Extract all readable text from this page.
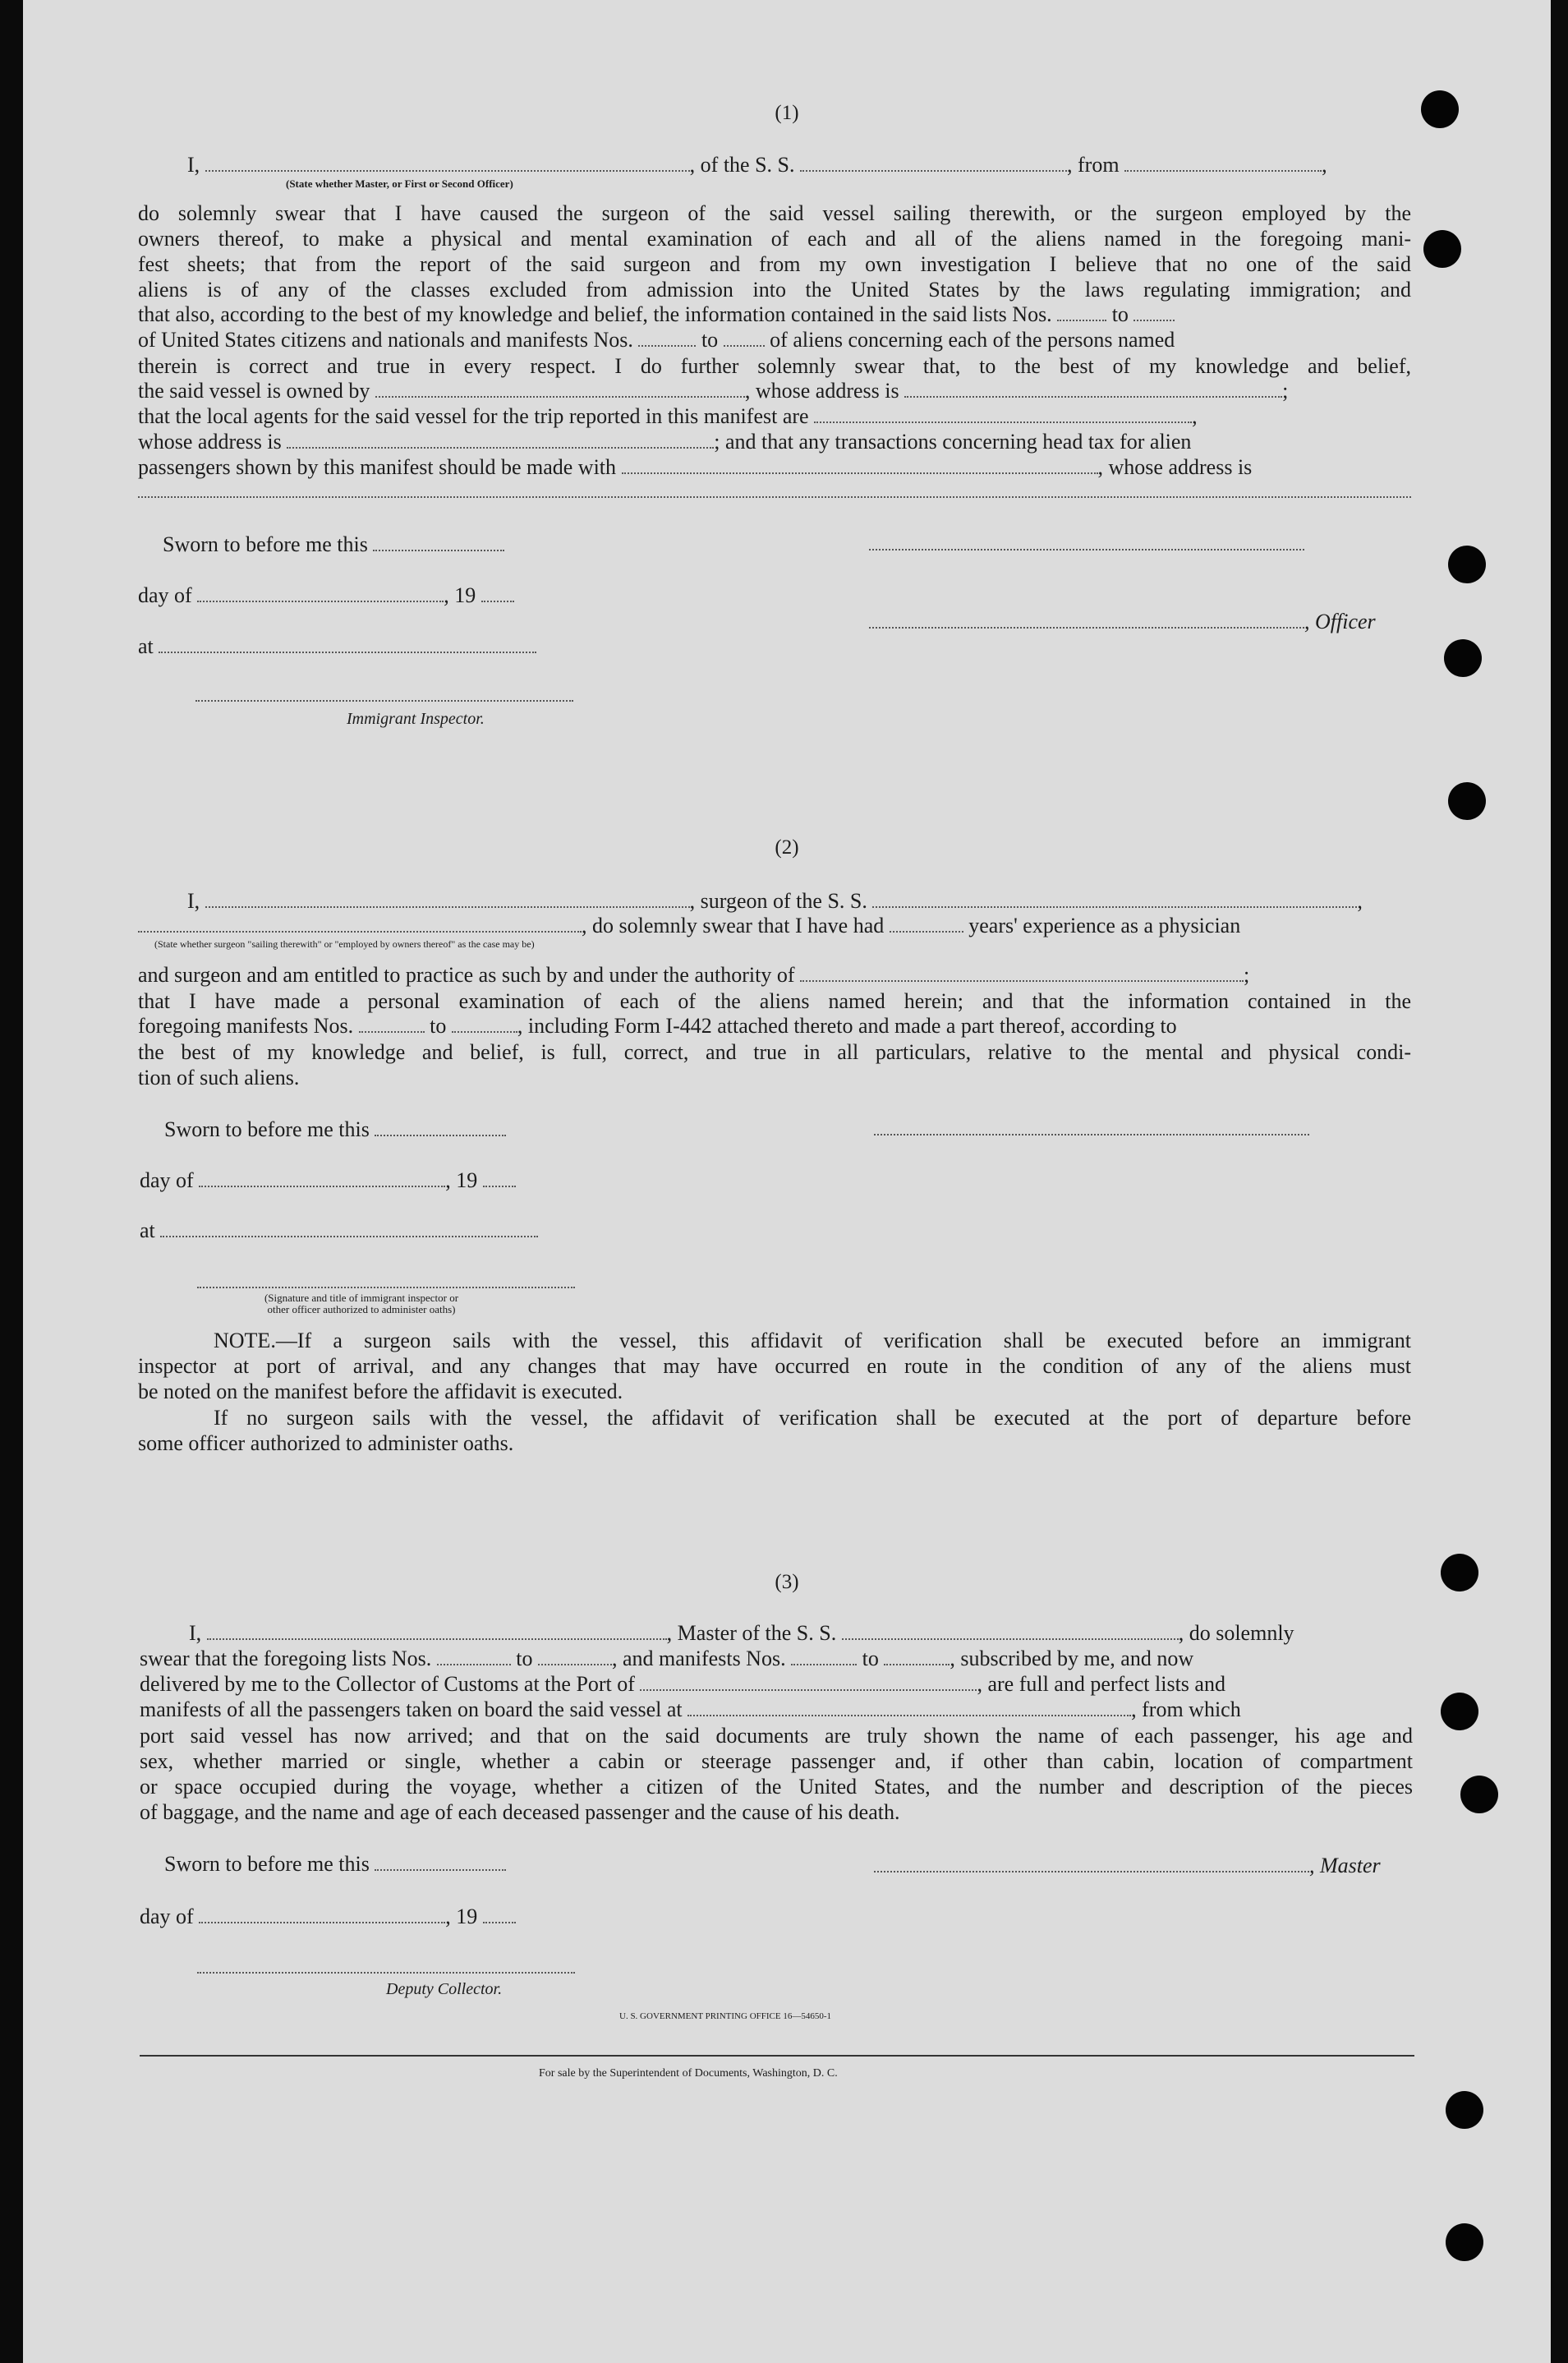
(1)
I,	, of the S. S.	, from	,
(State whether Master, or First or Second Officer)

do solemnly swear that I have caused the surgeon of the said vessel sailing therewith, or the surgeon employed by the

owners thereof, to make a physical and mental examination of each and all of the aliens named in the foregoing mani-

fest sheets; that from the report of the said surgeon and from my own investigation I believe that no one of the said

aliens is of any of the classes excluded from admission into the United States by the laws regulating immigration; and

that also, according to the best of my knowledge and belief, the information contained in the said lists Nos.	to
of United States citizens and nationals and manifests Nos.	to of aliens concerning each of the persons named

therein is correct and true in every respect. I do further solemnly swear that, to the best of my knowledge and belief,

the said vessel is owned by	, whose address is	;
that the local agents for the said vessel for the trip reported in this manifest are	,
whose address is	; and that any transactions concerning head tax for alien
passengers shown by this manifest should be made with	, whose address is
Sworn to before me this
day of	, 19
, Officer
at
Immigrant Inspector.
(2)
I,	, surgeon of the S. S.	,
, do solemnly swear that I have had	years' experience as a physician
(State whether surgeon "sailing therewith" or "employed by owners thereof" as the case may be)
and surgeon and am entitled to practice as such by and under the authority of	;

that I have made a personal examination of each of the aliens named herein; and that the information contained in the

foregoing manifests Nos.	to	, including Form I-442 attached thereto and made a part thereof, according to

the best of my knowledge and belief, is full, correct, and true in all particulars, relative to the mental and physical condi-

tion of such aliens.

Sworn to before me this
day of	, 19
at
(Signature and title of immigrant inspector or
other officer authorized to administer oaths)

NOTE.—If a surgeon sails with the vessel, this affidavit of verification shall be executed before an immigrant

inspector at port of arrival, and any changes that may have occurred en route in the condition of any of the aliens must

be noted on the manifest before the affidavit is executed.

If no surgeon sails with the vessel, the affidavit of verification shall be executed at the port of departure before

some officer authorized to administer oaths.

(3)
I,	, Master of the S. S.	, do solemnly
swear that the foregoing lists Nos.	to	, and manifests Nos.	to	, subscribed by me, and now
delivered by me to the Collector of Customs at the Port of	, are full and perfect lists and
manifests of all the passengers taken on board the said vessel at	, from which

port said vessel has now arrived; and that on the said documents are truly shown the name of each passenger, his age and

sex, whether married or single, whether a cabin or steerage passenger and, if other than cabin, location of compartment

or space occupied during the voyage, whether a citizen of the United States, and the number and description of the pieces

of baggage, and the name and age of each deceased passenger and the cause of his death.

Sworn to before me this	, Master
day of	, 19
Deputy Collector.
U. S. GOVERNMENT PRINTING OFFICE 16—54650-1
For sale by the Superintendent of Documents, Washington, D. C.
